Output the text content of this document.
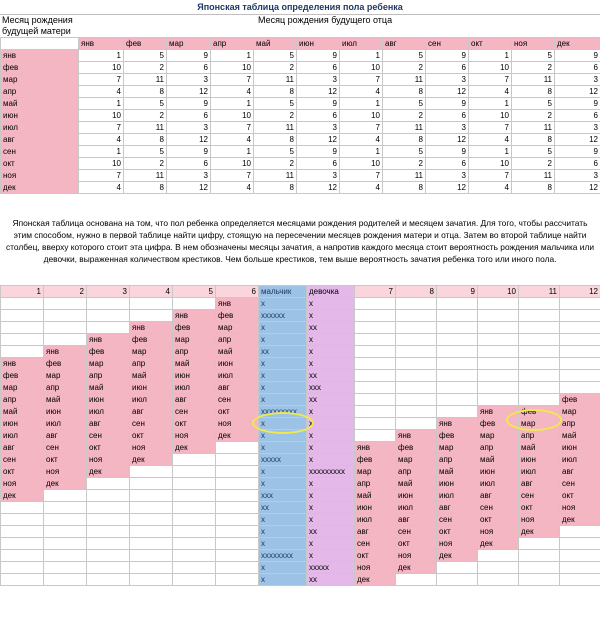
Японская таблица определения пола ребенка
Месяц рождения будущей матери
Месяц рождения будущего отца
	янв	фев	мар	апр	май	июн	июл	авг	сен	окт	ноя	дек
янв	1	5	9	1	5	9	1	5	9	1	5	9
фев	10	2	6	10	2	6	10	2	6	10	2	6
мар	7	11	3	7	11	3	7	11	3	7	11	3
апр	4	8	12	4	8	12	4	8	12	4	8	12
май	1	5	9	1	5	9	1	5	9	1	5	9
июн	10	2	6	10	2	6	10	2	6	10	2	6
июл	7	11	3	7	11	3	7	11	3	7	11	3
авг	4	8	12	4	8	12	4	8	12	4	8	12
сен	1	5	9	1	5	9	1	5	9	1	5	9
окт	10	2	6	10	2	6	10	2	6	10	2	6
ноя	7	11	3	7	11	3	7	11	3	7	11	3
дек	4	8	12	4	8	12	4	8	12	4	8	12
Японская таблица основана на том, что пол ребенка определяется месяцами рождения родителей и месяцем зачатия. Для того, чтобы рассчитать этим способом, нужно в первой таблице найти цифру, стоящую на пересечении месяцев рождения матери и отца. Затем во второй таблице найти столбец, вверху которого стоит эта цифра. В нем обозначены месяцы зачатия, а напротив каждого месяца стоит вероятность рождения мальчика или девочки, выраженная количеством крестиков. Чем больше крестиков, тем выше вероятность зачатия ребенка того или иного пола.
1	2	3	4	5	6	мальчик	девочка	7	8	9	10	11	12
					янв	x	x						
				янв	фев	xxxxxx	x						
			янв	фев	мар	x	xx						
		янв	фев	мар	апр	x	x						
	янв	фев	мар	апр	май	xx	x						
янв	фев	мар	апр	май	июн	x	x						
фев	мар	апр	май	июн	июл	x	xx						
мар	апр	май	июн	июл	авг	x	xxx						
апр	май	июн	июл	авг	сен	x	xx						фев
май	июн	июл	авг	сен	окт	xxxxxxxxx	x				янв	фев	мар
июн	июл	авг	сен	окт	ноя	x	x			янв	фев	мар	апр
июл	авг	сен	окт	ноя	дек	x	x		янв	фев	мар	апр	май
авг	сен	окт	ноя	дек		x	x	янв	фев	мар	апр	май	июн
сен	окт	ноя	дек			xxxxx	x	фев	мар	апр	май	июн	июл
окт	ноя	дек				x	xxxxxxxxx	мар	апр	май	июн	июл	авг
ноя	дек					x	x	апр	май	июн	июл	авг	сен
дек						xxx	x	май	июн	июл	авг	сен	окт
						xx	x	июн	июл	авг	сен	окт	ноя
						x	x	июл	авг	сен	окт	ноя	дек
						x	xx	авг	сен	окт	ноя	дек	
						x	x	сен	окт	ноя	дек		
						xxxxxxxx	x	окт	ноя	дек			
						x	xxxxx	ноя	дек				
						x	xx	дек					
